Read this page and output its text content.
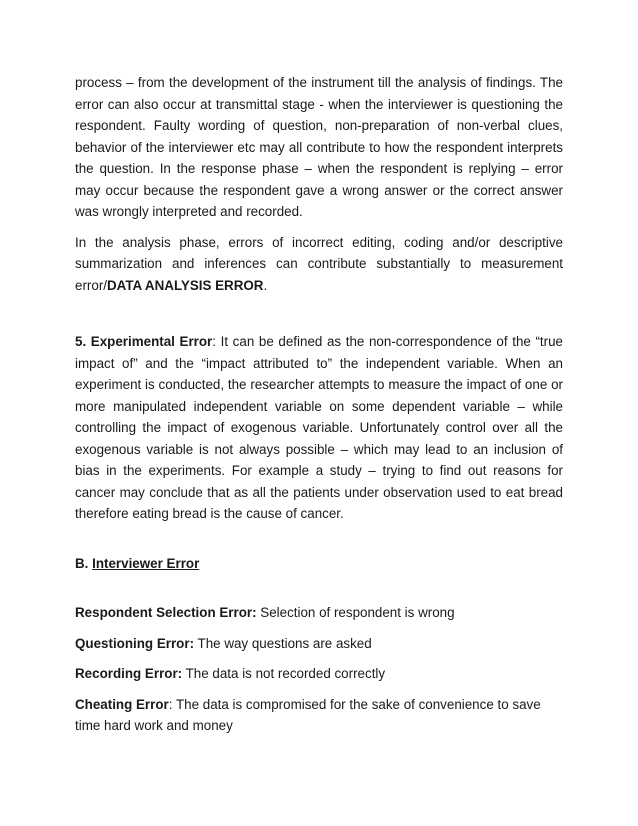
process – from the development of the instrument till the analysis of findings. The error can also occur at transmittal stage - when the interviewer is questioning the respondent. Faulty wording of question, non-preparation of non-verbal clues, behavior of the interviewer etc may all contribute to how the respondent interprets the question. In the response phase – when the respondent is replying – error may occur because the respondent gave a wrong answer or the correct answer was wrongly interpreted and recorded.

In the analysis phase, errors of incorrect editing, coding and/or descriptive summarization and inferences can contribute substantially to measurement error/DATA ANALYSIS ERROR.

5. Experimental Error: It can be defined as the non-correspondence of the “true impact of” and the “impact attributed to” the independent variable. When an experiment is conducted, the researcher attempts to measure the impact of one or more manipulated independent variable on some dependent variable – while controlling the impact of exogenous variable. Unfortunately control over all the exogenous variable is not always possible – which may lead to an inclusion of bias in the experiments. For example a study – trying to find out reasons for cancer may conclude that as all the patients under observation used to eat bread therefore eating bread is the cause of cancer.

B. Interviewer Error

Respondent Selection Error: Selection of respondent is wrong

Questioning Error: The way questions are asked

Recording Error: The data is not recorded correctly

Cheating Error: The data is compromised for the sake of convenience to save time hard work and money
